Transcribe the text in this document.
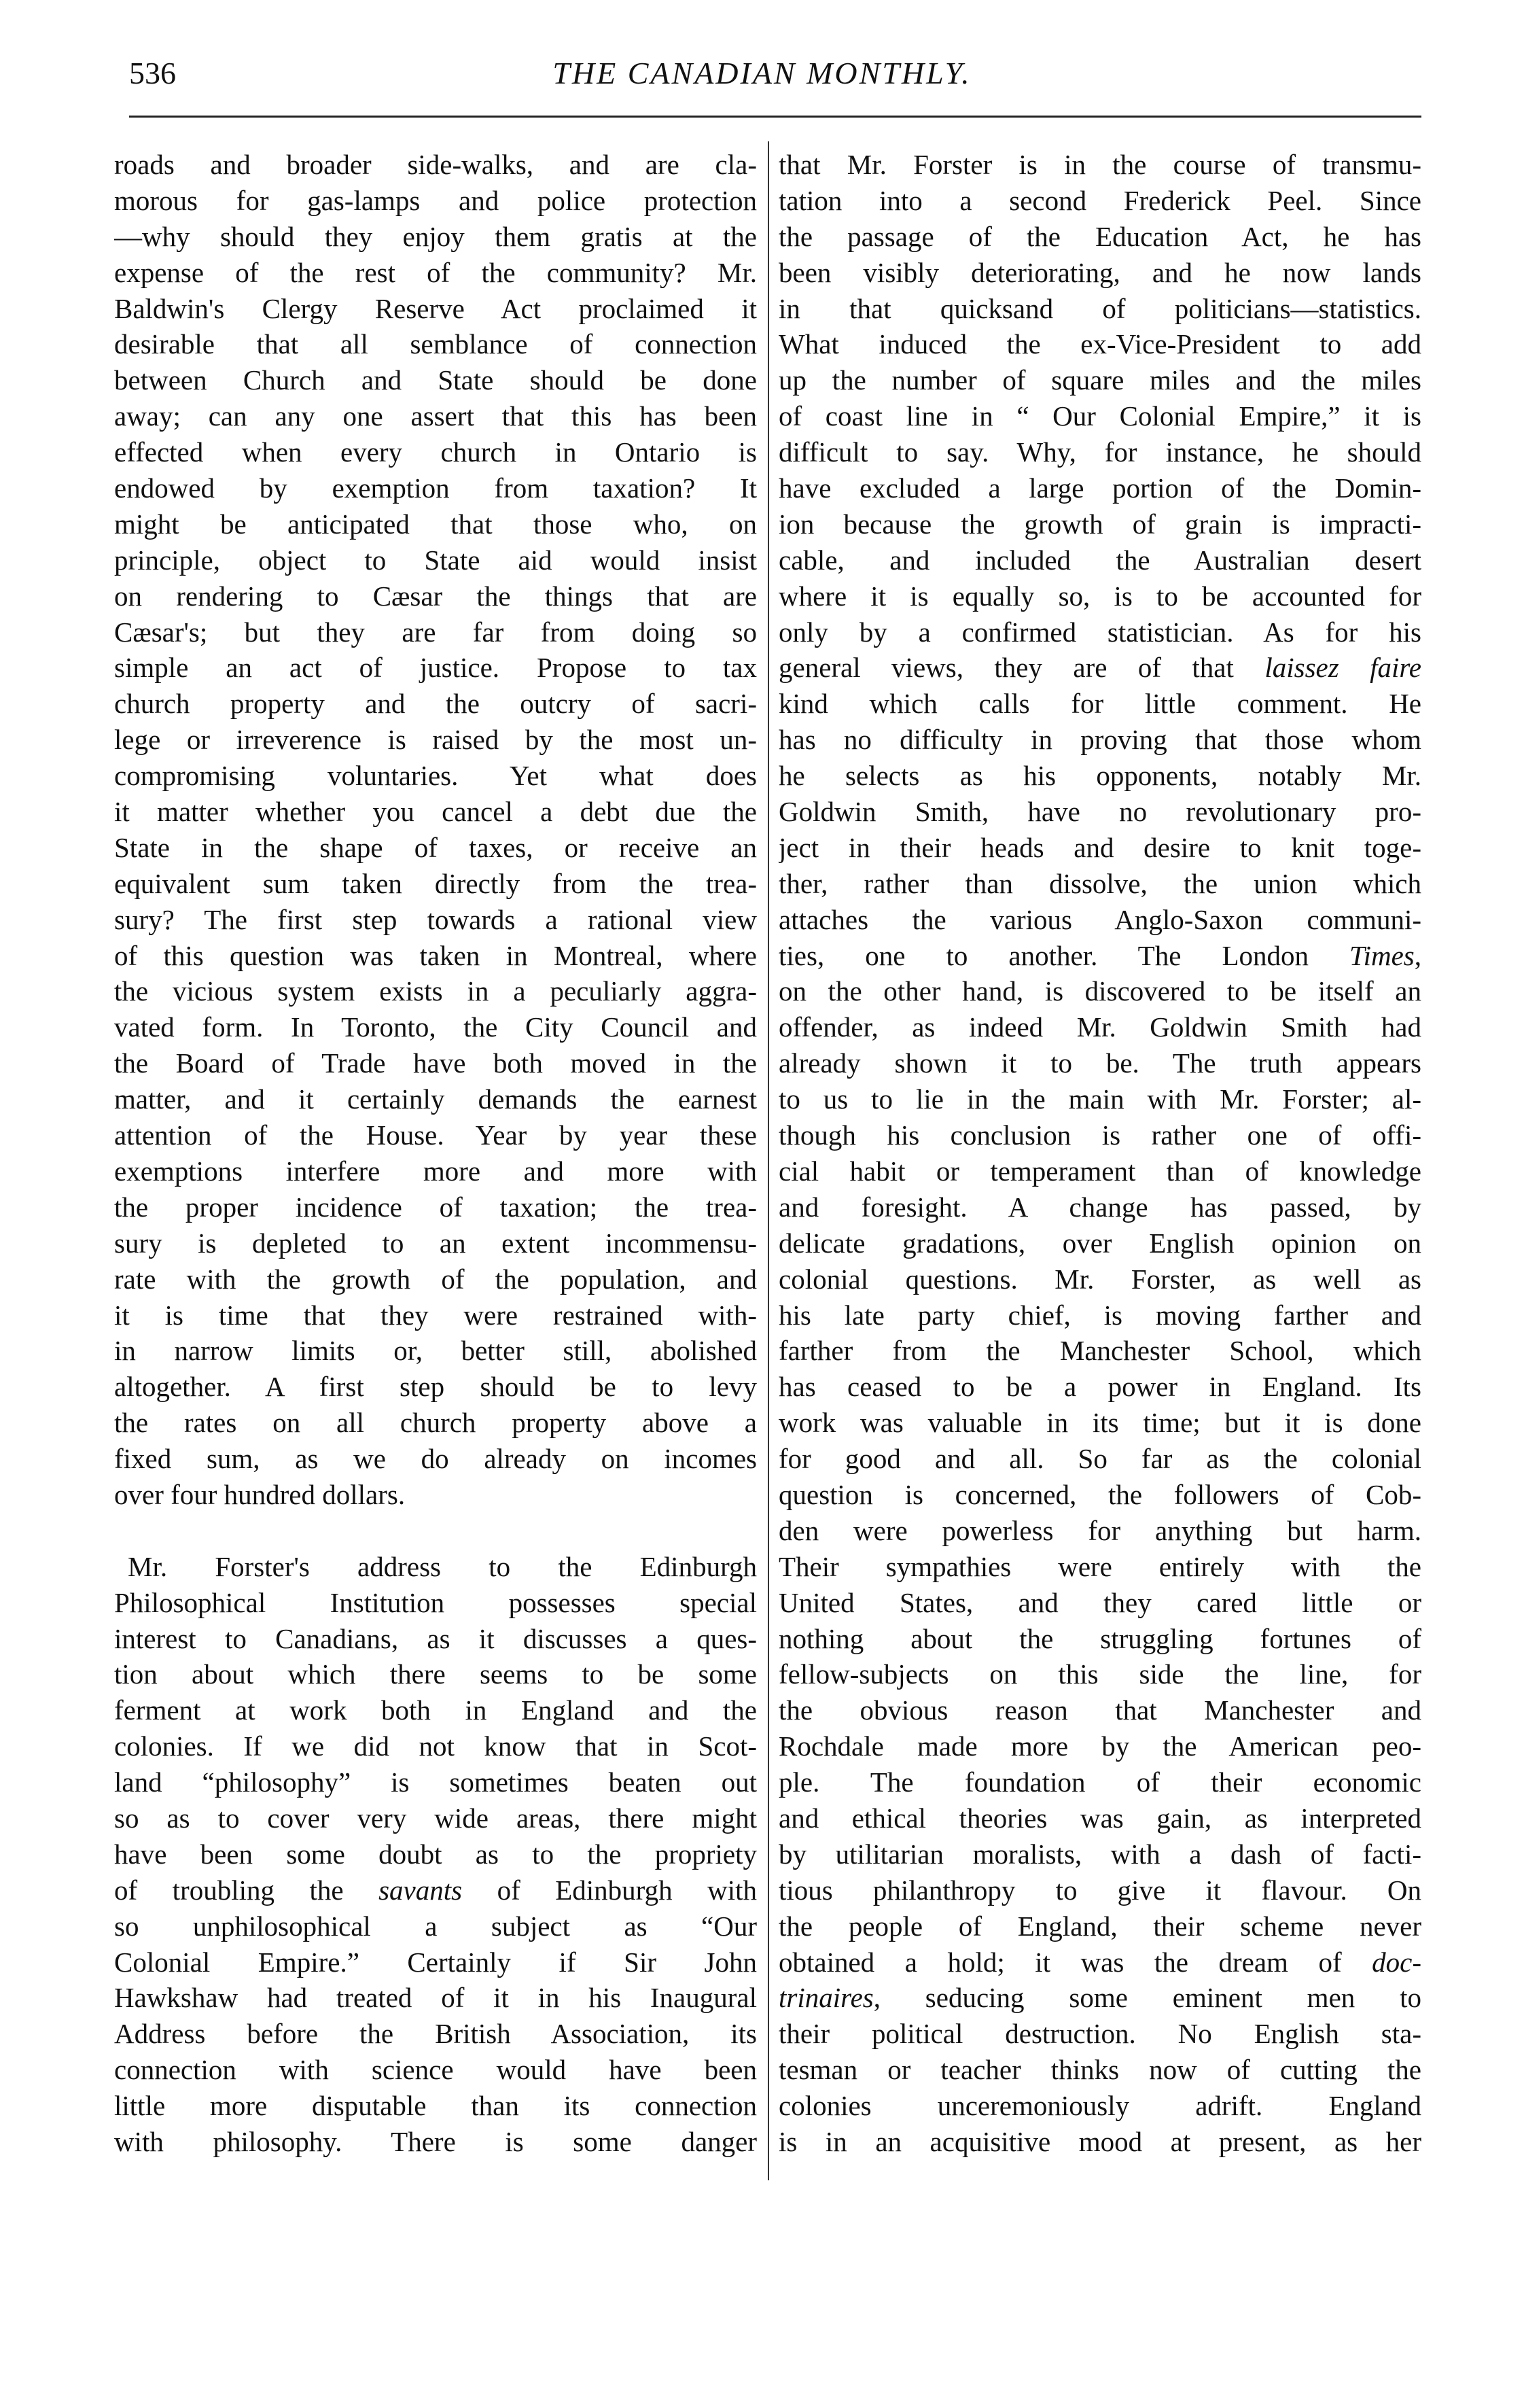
536	THE CANADIAN MONTHLY.
roads and broader side-walks, and are cla-
morous for gas-lamps and police protection
—why should they enjoy them gratis at the
expense of the rest of the community? Mr.
Baldwin's Clergy Reserve Act proclaimed it
desirable that all semblance of connection
between Church and State should be done
away; can any one assert that this has been
effected when every church in Ontario is
endowed by exemption from taxation? It
might be anticipated that those who, on
principle, object to State aid would insist
on rendering to Cæsar the things that are
Cæsar's; but they are far from doing so
simple an act of justice. Propose to tax
church property and the outcry of sacri-
lege or irreverence is raised by the most un-
compromising voluntaries. Yet what does
it matter whether you cancel a debt due the
State in the shape of taxes, or receive an
equivalent sum taken directly from the trea-
sury? The first step towards a rational view
of this question was taken in Montreal, where
the vicious system exists in a peculiarly aggra-
vated form. In Toronto, the City Council and
the Board of Trade have both moved in the
matter, and it certainly demands the earnest
attention of the House. Year by year these
exemptions interfere more and more with
the proper incidence of taxation; the trea-
sury is depleted to an extent incommensu-
rate with the growth of the population, and
it is time that they were restrained with-
in narrow limits or, better still, abolished
altogether. A first step should be to levy
the rates on all church property above a
fixed sum, as we do already on incomes
over four hundred dollars.
Mr. Forster's address to the Edinburgh
Philosophical Institution possesses special
interest to Canadians, as it discusses a ques-
tion about which there seems to be some
ferment at work both in England and the
colonies. If we did not know that in Scot-
land “philosophy” is sometimes beaten out
so as to cover very wide areas, there might
have been some doubt as to the propriety
of troubling the savants of Edinburgh with
so unphilosophical a subject as “Our
Colonial Empire.” Certainly if Sir John
Hawkshaw had treated of it in his Inaugural
Address before the British Association, its
connection with science would have been
little more disputable than its connection
with philosophy. There is some danger
that Mr. Forster is in the course of transmu-
tation into a second Frederick Peel. Since
the passage of the Education Act, he has
been visibly deteriorating, and he now lands
in that quicksand of politicians—statistics.
What induced the ex-Vice-President to add
up the number of square miles and the miles
of coast line in “ Our Colonial Empire,” it is
difficult to say. Why, for instance, he should
have excluded a large portion of the Domin-
ion because the growth of grain is impracti-
cable, and included the Australian desert
where it is equally so, is to be accounted for
only by a confirmed statistician. As for his
general views, they are of that laissez faire
kind which calls for little comment. He
has no difficulty in proving that those whom
he selects as his opponents, notably Mr.
Goldwin Smith, have no revolutionary pro-
ject in their heads and desire to knit toge-
ther, rather than dissolve, the union which
attaches the various Anglo-Saxon communi-
ties, one to another. The London Times,
on the other hand, is discovered to be itself an
offender, as indeed Mr. Goldwin Smith had
already shown it to be. The truth appears
to us to lie in the main with Mr. Forster; al-
though his conclusion is rather one of offi-
cial habit or temperament than of knowledge
and foresight. A change has passed, by
delicate gradations, over English opinion on
colonial questions. Mr. Forster, as well as
his late party chief, is moving farther and
farther from the Manchester School, which
has ceased to be a power in England. Its
work was valuable in its time; but it is done
for good and all. So far as the colonial
question is concerned, the followers of Cob-
den were powerless for anything but harm.
Their sympathies were entirely with the
United States, and they cared little or
nothing about the struggling fortunes of
fellow-subjects on this side the line, for
the obvious reason that Manchester and
Rochdale made more by the American peo-
ple. The foundation of their economic
and ethical theories was gain, as interpreted
by utilitarian moralists, with a dash of facti-
tious philanthropy to give it flavour. On
the people of England, their scheme never
obtained a hold; it was the dream of doc-
trinaires, seducing some eminent men to
their political destruction. No English sta-
tesman or teacher thinks now of cutting the
colonies unceremoniously adrift. England
is in an acquisitive mood at present, as her
